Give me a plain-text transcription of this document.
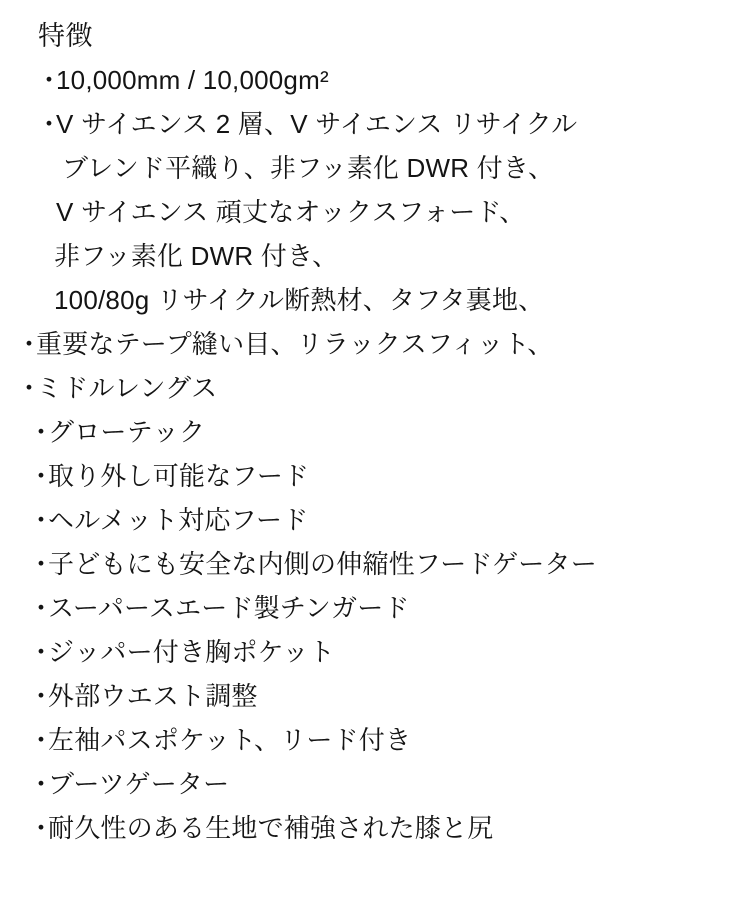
特徴
・10,000mm / 10,000gm²
・V サイエンス 2 層、V サイエンス リサイクル
ブレンド平織り、非フッ素化 DWR 付き、
V サイエンス 頑丈なオックスフォード、
非フッ素化 DWR 付き、
100/80g リサイクル断熱材、タフタ裏地、
・重要なテープ縫い目、リラックスフィット、
・ミドルレングス
・グローテック
・取り外し可能なフード
・ヘルメット対応フード
・子どもにも安全な内側の伸縮性フードゲーター
・スーパースエード製チンガード
・ジッパー付き胸ポケット
・外部ウエスト調整
・左袖パスポケット、リード付き
・ブーツゲーター
・耐久性のある生地で補強された膝と尻
